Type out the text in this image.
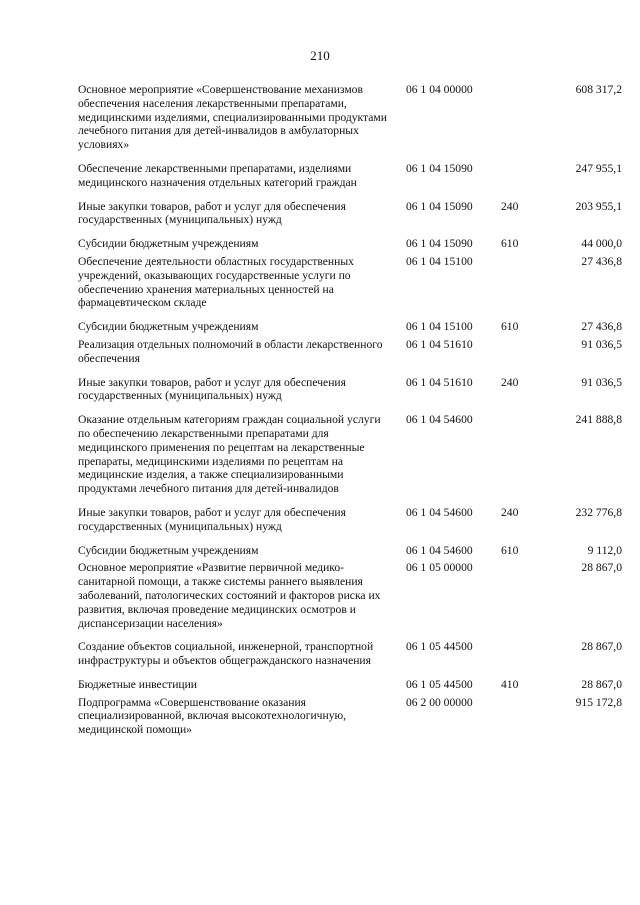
210
Основное мероприятие «Совершенствование механизмов обеспечения населения лекарственными препаратами, медицинскими изделиями, специализированными продуктами лечебного питания для детей-инвалидов в амбулаторных условиях»	06 1 04 00000		608 317,2
Обеспечение лекарственными препаратами, изделиями медицинского назначения отдельных категорий граждан	06 1 04 15090		247 955,1
Иные закупки товаров, работ и услуг для обеспечения государственных (муниципальных) нужд	06 1 04 15090	240	203 955,1
Субсидии бюджетным учреждениям	06 1 04 15090	610	44 000,0
Обеспечение деятельности областных государственных учреждений, оказывающих государственные услуги по обеспечению хранения материальных ценностей на фармацевтическом складе	06 1 04 15100		27 436,8
Субсидии бюджетным учреждениям	06 1 04 15100	610	27 436,8
Реализация отдельных полномочий в области лекарственного обеспечения	06 1 04 51610		91 036,5
Иные закупки товаров, работ и услуг для обеспечения государственных (муниципальных) нужд	06 1 04 51610	240	91 036,5
Оказание отдельным категориям граждан социальной услуги по обеспечению лекарственными препаратами для медицинского применения по рецептам на лекарственные препараты, медицинскими изделиями по рецептам на медицинские изделия, а также специализированными продуктами лечебного питания для детей-инвалидов	06 1 04 54600		241 888,8
Иные закупки товаров, работ и услуг для обеспечения государственных (муниципальных) нужд	06 1 04 54600	240	232 776,8
Субсидии бюджетным учреждениям	06 1 04 54600	610	9 112,0
Основное мероприятие «Развитие первичной медико-санитарной помощи, а также системы раннего выявления заболеваний, патологических состояний и факторов риска их развития, включая проведение медицинских осмотров и диспансеризации населения»	06 1 05 00000		28 867,0
Создание объектов социальной, инженерной, транспортной инфраструктуры и объектов общегражданского назначения	06 1 05 44500		28 867,0
Бюджетные инвестиции	06 1 05 44500	410	28 867,0
Подпрограмма «Совершенствование оказания специализированной, включая высокотехнологичную, медицинской помощи»	06 2 00 00000		915 172,8
